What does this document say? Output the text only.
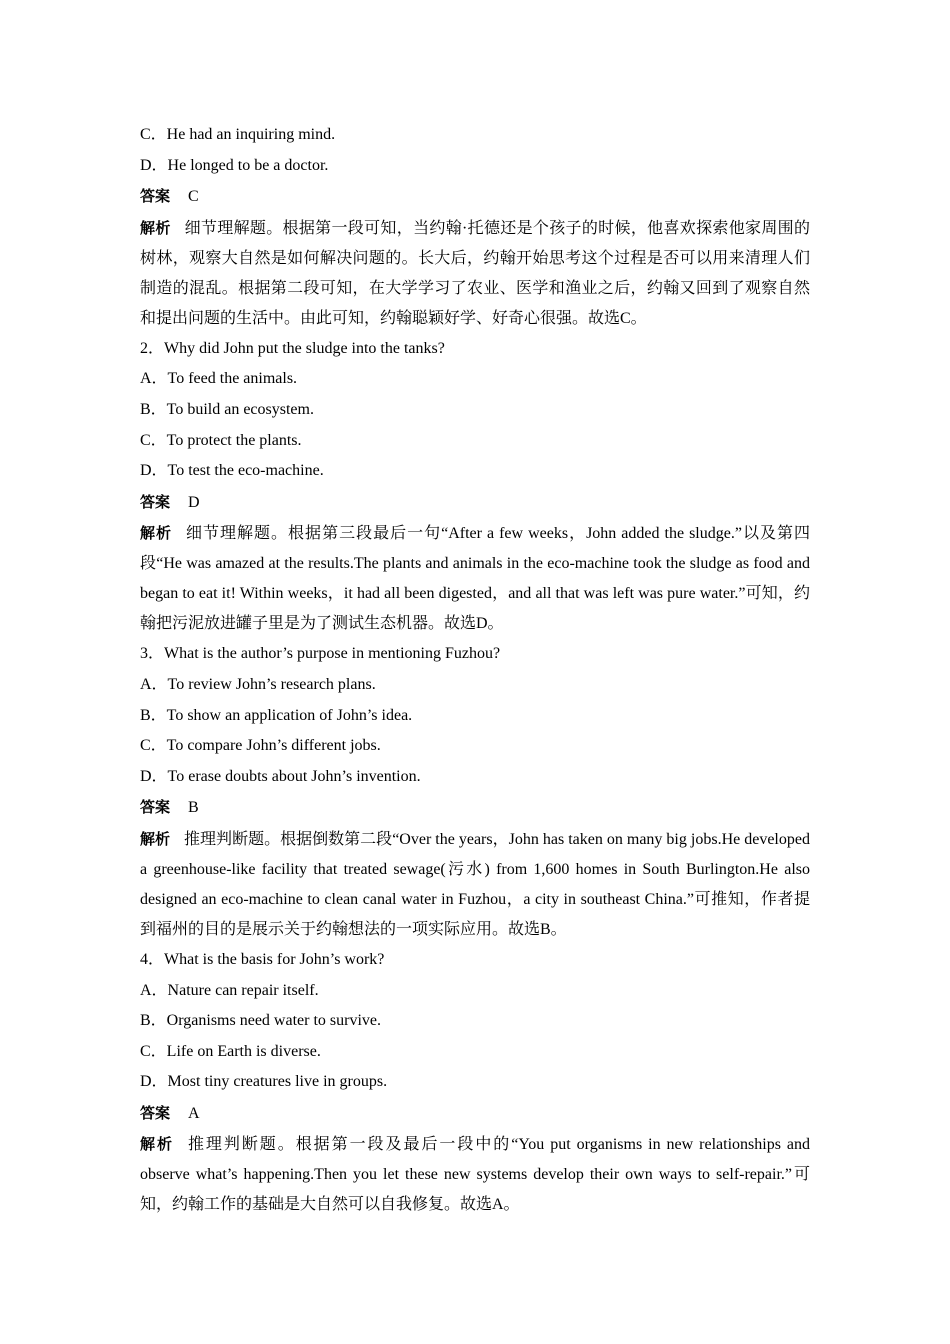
C．He had an inquiring mind.

D．He longed to be a doctor.

答案 C

解析 细节理解题。根据第一段可知，当约翰·托德还是个孩子的时候，他喜欢探索他家周围的树林，观察大自然是如何解决问题的。长大后，约翰开始思考这个过程是否可以用来清理人们制造的混乱。根据第二段可知，在大学学习了农业、医学和渔业之后，约翰又回到了观察自然和提出问题的生活中。由此可知，约翰聪颖好学、好奇心很强。故选C。

2．Why did John put the sludge into the tanks?

A．To feed the animals.

B．To build an ecosystem.

C．To protect the plants.

D．To test the eco-machine.

答案 D

解析 细节理解题。根据第三段最后一句“After a few weeks，John added the sludge.”以及第四段“He was amazed at the results.The plants and animals in the eco-machine took the sludge as food and began to eat it! Within weeks，it had all been digested，and all that was left was pure water.”可知，约翰把污泥放进罐子里是为了测试生态机器。故选D。

3．What is the author’s purpose in mentioning Fuzhou?

A．To review John’s research plans.

B．To show an application of John’s idea.

C．To compare John’s different jobs.

D．To erase doubts about John’s invention.

答案 B

解析 推理判断题。根据倒数第二段“Over the years，John has taken on many big jobs.He developed a greenhouse-like facility that treated sewage(污水) from 1,600 homes in South Burlington.He also designed an eco-machine to clean canal water in Fuzhou，a city in southeast China.”可推知，作者提到福州的目的是展示关于约翰想法的一项实际应用。故选B。

4．What is the basis for John’s work?

A．Nature can repair itself.

B．Organisms need water to survive.

C．Life on Earth is diverse.

D．Most tiny creatures live in groups.

答案 A

解析 推理判断题。根据第一段及最后一段中的“You put organisms in new relationships and observe what’s happening.Then you let these new systems develop their own ways to self-repair.”可知，约翰工作的基础是大自然可以自我修复。故选A。
